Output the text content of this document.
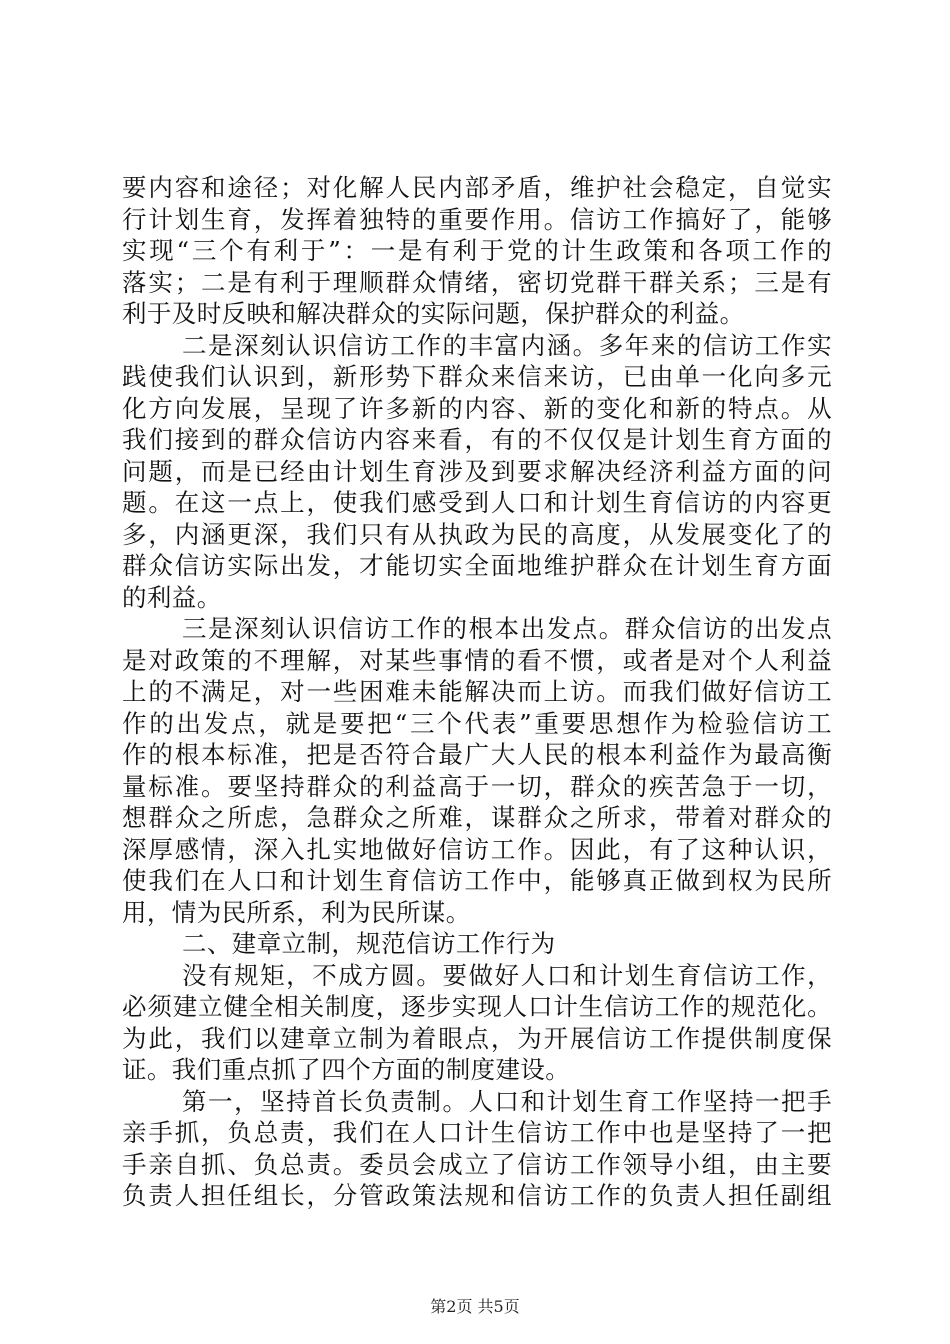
要内容和途径；对化解人民内部矛盾，维护社会稳定，自觉实
行计划生育，发挥着独特的重要作用。信访工作搞好了，能够
实现“三个有利于”：一是有利于党的计生政策和各项工作的
落实；二是有利于理顺群众情绪，密切党群干群关系；三是有
利于及时反映和解决群众的实际问题，保护群众的利益。
二是深刻认识信访工作的丰富内涵。多年来的信访工作实
践使我们认识到，新形势下群众来信来访，已由单一化向多元
化方向发展，呈现了许多新的内容、新的变化和新的特点。从
我们接到的群众信访内容来看，有的不仅仅是计划生育方面的
问题，而是已经由计划生育涉及到要求解决经济利益方面的问
题。在这一点上，使我们感受到人口和计划生育信访的内容更
多，内涵更深，我们只有从执政为民的高度，从发展变化了的
群众信访实际出发，才能切实全面地维护群众在计划生育方面
的利益。
三是深刻认识信访工作的根本出发点。群众信访的出发点
是对政策的不理解，对某些事情的看不惯，或者是对个人利益
上的不满足，对一些困难未能解决而上访。而我们做好信访工
作的出发点，就是要把“三个代表”重要思想作为检验信访工
作的根本标准，把是否符合最广大人民的根本利益作为最高衡
量标准。要坚持群众的利益高于一切，群众的疾苦急于一切，
想群众之所虑，急群众之所难，谋群众之所求，带着对群众的
深厚感情，深入扎实地做好信访工作。因此，有了这种认识，
使我们在人口和计划生育信访工作中，能够真正做到权为民所
用，情为民所系，利为民所谋。
二、建章立制，规范信访工作行为
没有规矩，不成方圆。要做好人口和计划生育信访工作，
必须建立健全相关制度，逐步实现人口计生信访工作的规范化。
为此，我们以建章立制为着眼点，为开展信访工作提供制度保
证。我们重点抓了四个方面的制度建设。
第一，坚持首长负责制。人口和计划生育工作坚持一把手
亲手抓，负总责，我们在人口计生信访工作中也是坚持了一把
手亲自抓、负总责。委员会成立了信访工作领导小组，由主要
负责人担任组长，分管政策法规和信访工作的负责人担任副组
第2页 共5页
